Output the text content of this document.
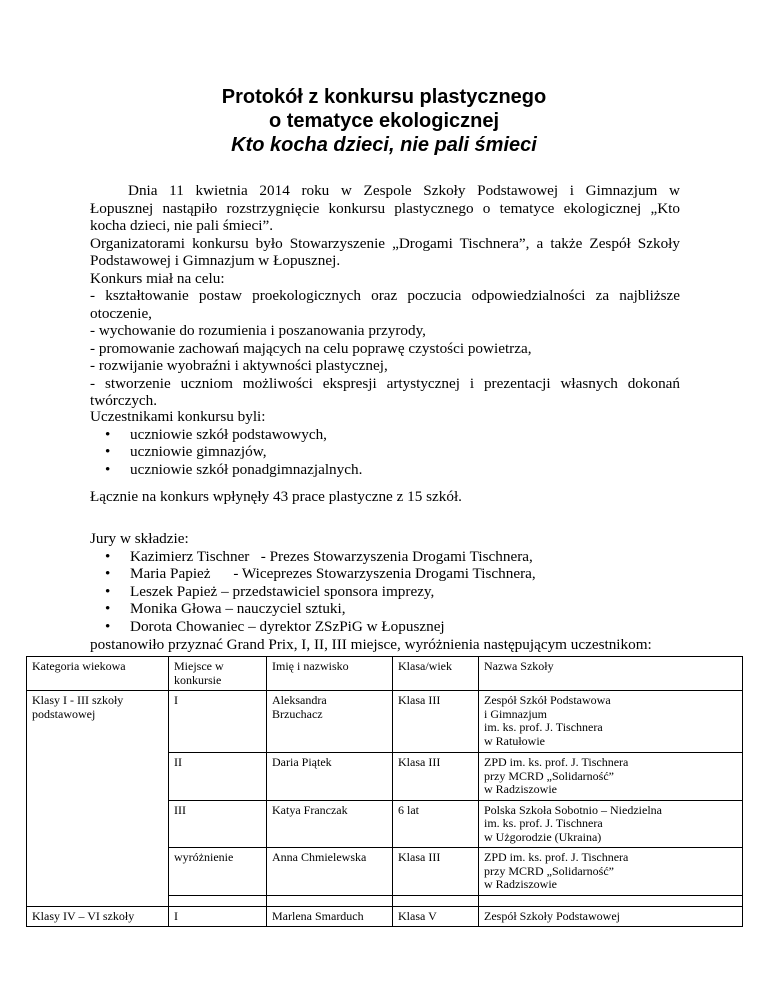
Protokół z konkursu plastycznego
o tematyce ekologicznej
Kto kocha dzieci, nie pali śmieci
Dnia 11 kwietnia 2014 roku w Zespole Szkoły Podstawowej i Gimnazjum w
Łopusznej nastąpiło rozstrzygnięcie konkursu plastycznego o tematyce ekologicznej „Kto
kocha dzieci, nie pali śmieci”.
Organizatorami konkursu było Stowarzyszenie „Drogami Tischnera”, a także Zespół Szkoły
Podstawowej i Gimnazjum w Łopusznej.
Konkurs miał na celu:
- kształtowanie postaw proekologicznych oraz poczucia odpowiedzialności za najbliższe
otoczenie,
- wychowanie do rozumienia i poszanowania przyrody,
- promowanie zachowań mających na celu poprawę czystości powietrza,
- rozwijanie wyobraźni i aktywności plastycznej,
- stworzenie uczniom możliwości ekspresji artystycznej i prezentacji własnych dokonań
twórczych.
Uczestnikami konkursu byli:
• uczniowie szkół podstawowych,
• uczniowie gimnazjów,
• uczniowie szkół ponadgimnazjalnych.
Łącznie na konkurs wpłynęły 43 prace plastyczne z 15 szkół.
Jury w składzie:
• Kazimierz Tischner   - Prezes Stowarzyszenia Drogami Tischnera,
• Maria Papież      - Wiceprezes Stowarzyszenia Drogami Tischnera,
• Leszek Papież – przedstawiciel sponsora imprezy,
• Monika Głowa – nauczyciel sztuki,
• Dorota Chowaniec – dyrektor ZSzPiG w Łopusznej
postanowiło przyznać Grand Prix, I, II, III miejsce, wyróżnienia następującym uczestnikom:
Kategoria wiekowa	Miejsce w konkursie	Imię i nazwisko	Klasa/wiek	Nazwa Szkoły

Klasy I - III szkoły
podstawowej	I	Aleksandra
Brzuchacz	Klasa III	Zespół Szkół Podstawowa
i Gimnazjum
im. ks. prof. J. Tischnera
w Ratułowie

	II	Daria Piątek	Klasa III	ZPD im. ks. prof. J. Tischnera
przy MCRD „Solidarność”
w Radziszowie

	III	Katya Franczak	6 lat	Polska Szkoła Sobotnio – Niedzielna
im. ks. prof. J. Tischnera
w Użgorodzie (Ukraina)

	wyróżnienie	Anna Chmielewska	Klasa III	ZPD im. ks. prof. J. Tischnera
przy MCRD „Solidarność”
w Radziszowie

Klasy IV – VI szkoły	I	Marlena Smarduch	Klasa V	Zespół Szkoły Podstawowej
